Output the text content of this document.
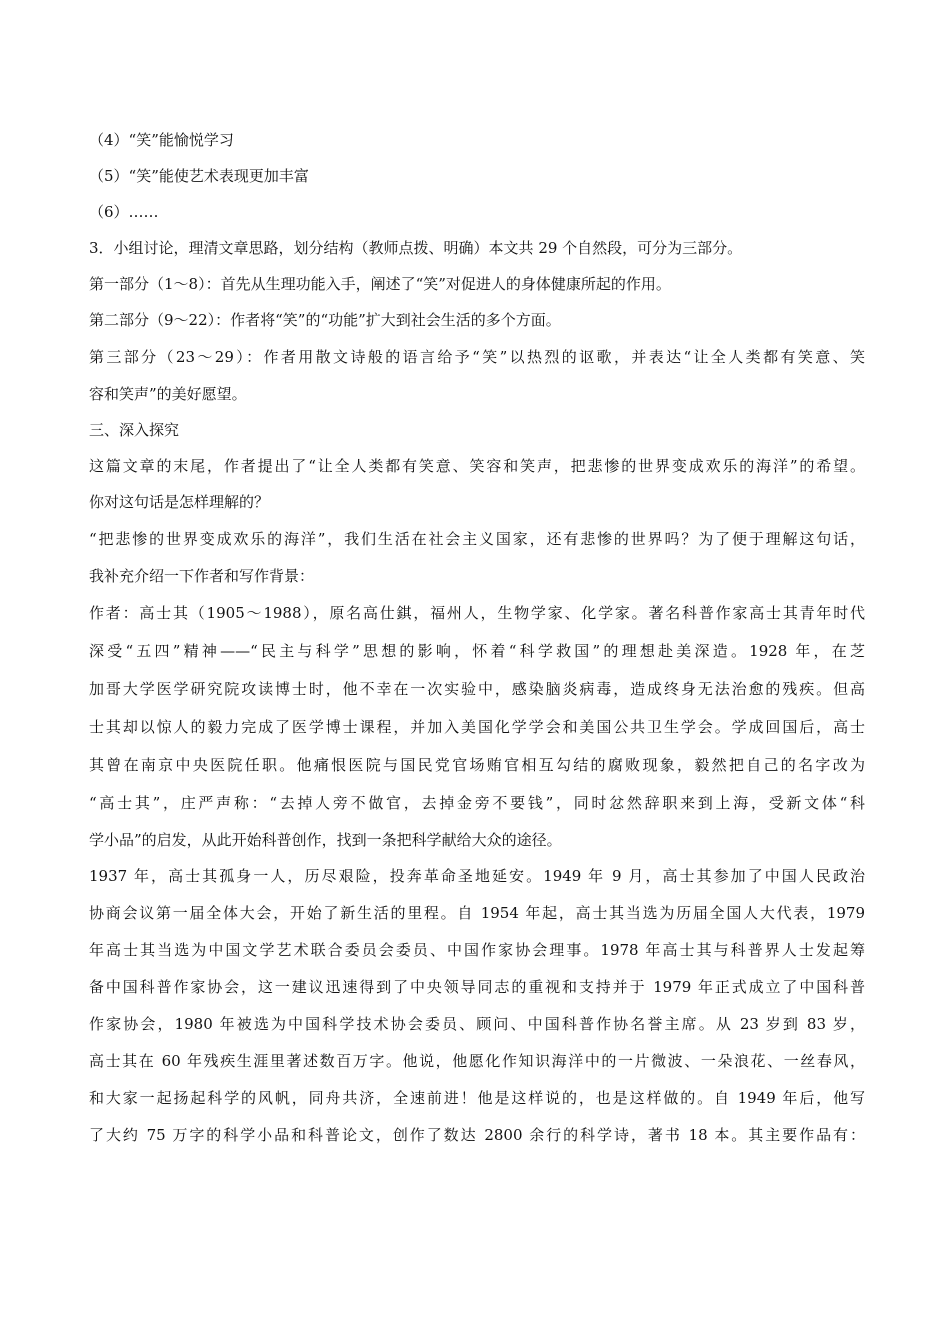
（4）“笑”能愉悦学习

（5）“笑”能使艺术表现更加丰富

（6）……

3．小组讨论，理清文章思路，划分结构（教师点拨、明确）本文共 29 个自然段，可分为三部分。

第一部分（1～8）：首先从生理功能入手，阐述了“笑”对促进人的身体健康所起的作用。

第二部分（9～22）：作者将“笑”的“功能”扩大到社会生活的多个方面。

第三部分（23～29）：作者用散文诗般的语言给予“笑”以热烈的讴歌，并表达“让全人类都有笑意、笑

容和笑声”的美好愿望。

三、深入探究

这篇文章的末尾，作者提出了“让全人类都有笑意、笑容和笑声，把悲惨的世界变成欢乐的海洋”的希望。

你对这句话是怎样理解的？

“把悲惨的世界变成欢乐的海洋”，我们生活在社会主义国家，还有悲惨的世界吗？为了便于理解这句话，

我补充介绍一下作者和写作背景：

作者：高士其（1905～1988），原名高仕錤，福州人，生物学家、化学家。著名科普作家高士其青年时代

深受“五四”精神——“民主与科学”思想的影响，怀着“科学救国”的理想赴美深造。1928 年，在芝

加哥大学医学研究院攻读博士时，他不幸在一次实验中，感染脑炎病毒，造成终身无法治愈的残疾。但高

士其却以惊人的毅力完成了医学博士课程，并加入美国化学学会和美国公共卫生学会。学成回国后，高士

其曾在南京中央医院任职。他痛恨医院与国民党官场贿官相互勾结的腐败现象，毅然把自己的名字改为

“高士其”，庄严声称：“去掉人旁不做官，去掉金旁不要钱”，同时忿然辞职来到上海，受新文体“科

学小品”的启发，从此开始科普创作，找到一条把科学献给大众的途径。

1937 年，高士其孤身一人，历尽艰险，投奔革命圣地延安。1949 年 9 月，高士其参加了中国人民政治

协商会议第一届全体大会，开始了新生活的里程。自 1954 年起，高士其当选为历届全国人大代表，1979

年高士其当选为中国文学艺术联合委员会委员、中国作家协会理事。1978 年高士其与科普界人士发起筹

备中国科普作家协会，这一建议迅速得到了中央领导同志的重视和支持并于 1979 年正式成立了中国科普

作家协会，1980 年被选为中国科学技术协会委员、顾问、中国科普作协名誉主席。从 23 岁到 83 岁，

高士其在 60 年残疾生涯里著述数百万字。他说，他愿化作知识海洋中的一片微波、一朵浪花、一丝春风，

和大家一起扬起科学的风帆，同舟共济，全速前进！他是这样说的，也是这样做的。自 1949 年后，他写

了大约 75 万字的科学小品和科普论文，创作了数达 2800 余行的科学诗，著书 18 本。其主要作品有：
